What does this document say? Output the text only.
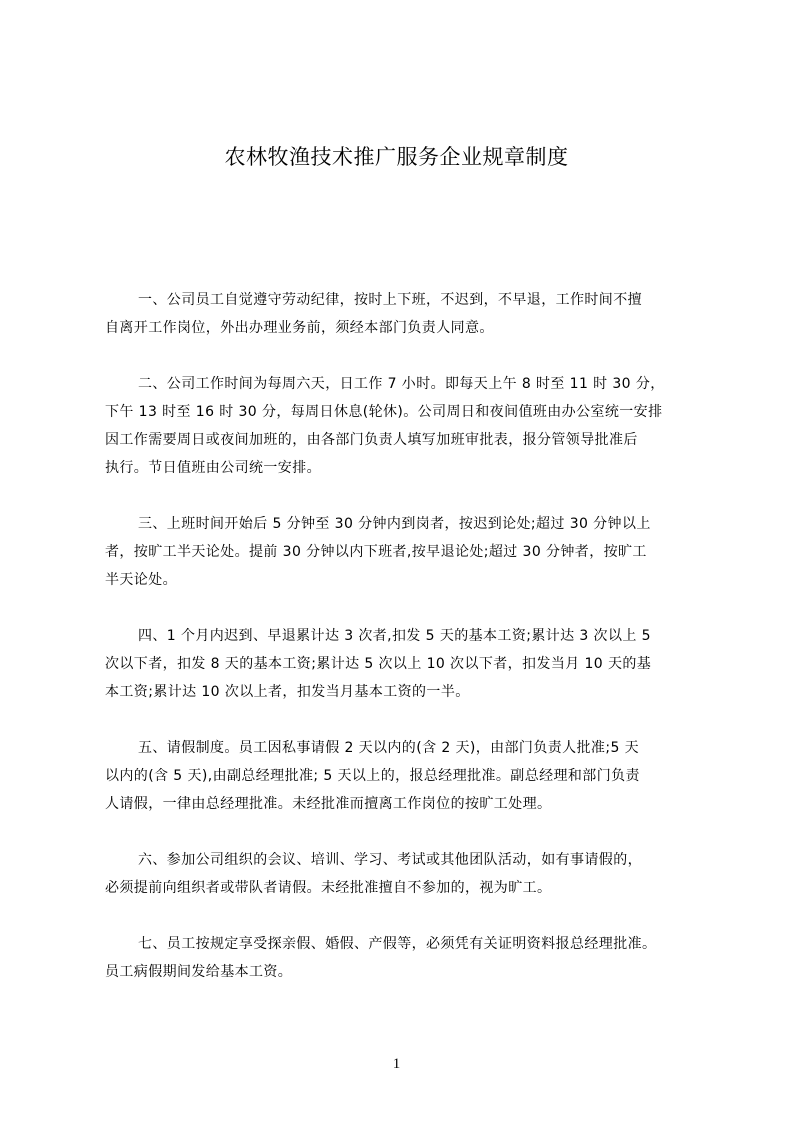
农林牧渔技术推广服务企业规章制度
一、公司员工自觉遵守劳动纪律，按时上下班，不迟到，不早退，工作时间不擅
自离开工作岗位，外出办理业务前，须经本部门负责人同意。
二、公司工作时间为每周六天，日工作 7 小时。即每天上午 8 时至 11 时 30 分，
下午 13 时至 16 时 30 分，每周日休息(轮休)。公司周日和夜间值班由办公室统一安排
因工作需要周日或夜间加班的，由各部门负责人填写加班审批表，报分管领导批准后
执行。节日值班由公司统一安排。
三、上班时间开始后 5 分钟至 30 分钟内到岗者，按迟到论处;超过 30 分钟以上
者，按旷工半天论处。提前 30 分钟以内下班者,按早退论处;超过 30 分钟者，按旷工
半天论处。
四、1 个月内迟到、早退累计达 3 次者,扣发 5 天的基本工资;累计达 3 次以上 5
次以下者，扣发 8 天的基本工资;累计达 5 次以上 10 次以下者，扣发当月 10 天的基
本工资;累计达 10 次以上者，扣发当月基本工资的一半。
五、请假制度。员工因私事请假 2 天以内的(含 2 天)，由部门负责人批准;5 天
以内的(含 5 天),由副总经理批准; 5 天以上的，报总经理批准。副总经理和部门负责
人请假，一律由总经理批准。未经批准而擅离工作岗位的按旷工处理。
六、参加公司组织的会议、培训、学习、考试或其他团队活动，如有事请假的，
必须提前向组织者或带队者请假。未经批准擅自不参加的，视为旷工。
七、员工按规定享受探亲假、婚假、产假等，必须凭有关证明资料报总经理批准。
员工病假期间发给基本工资。
1
